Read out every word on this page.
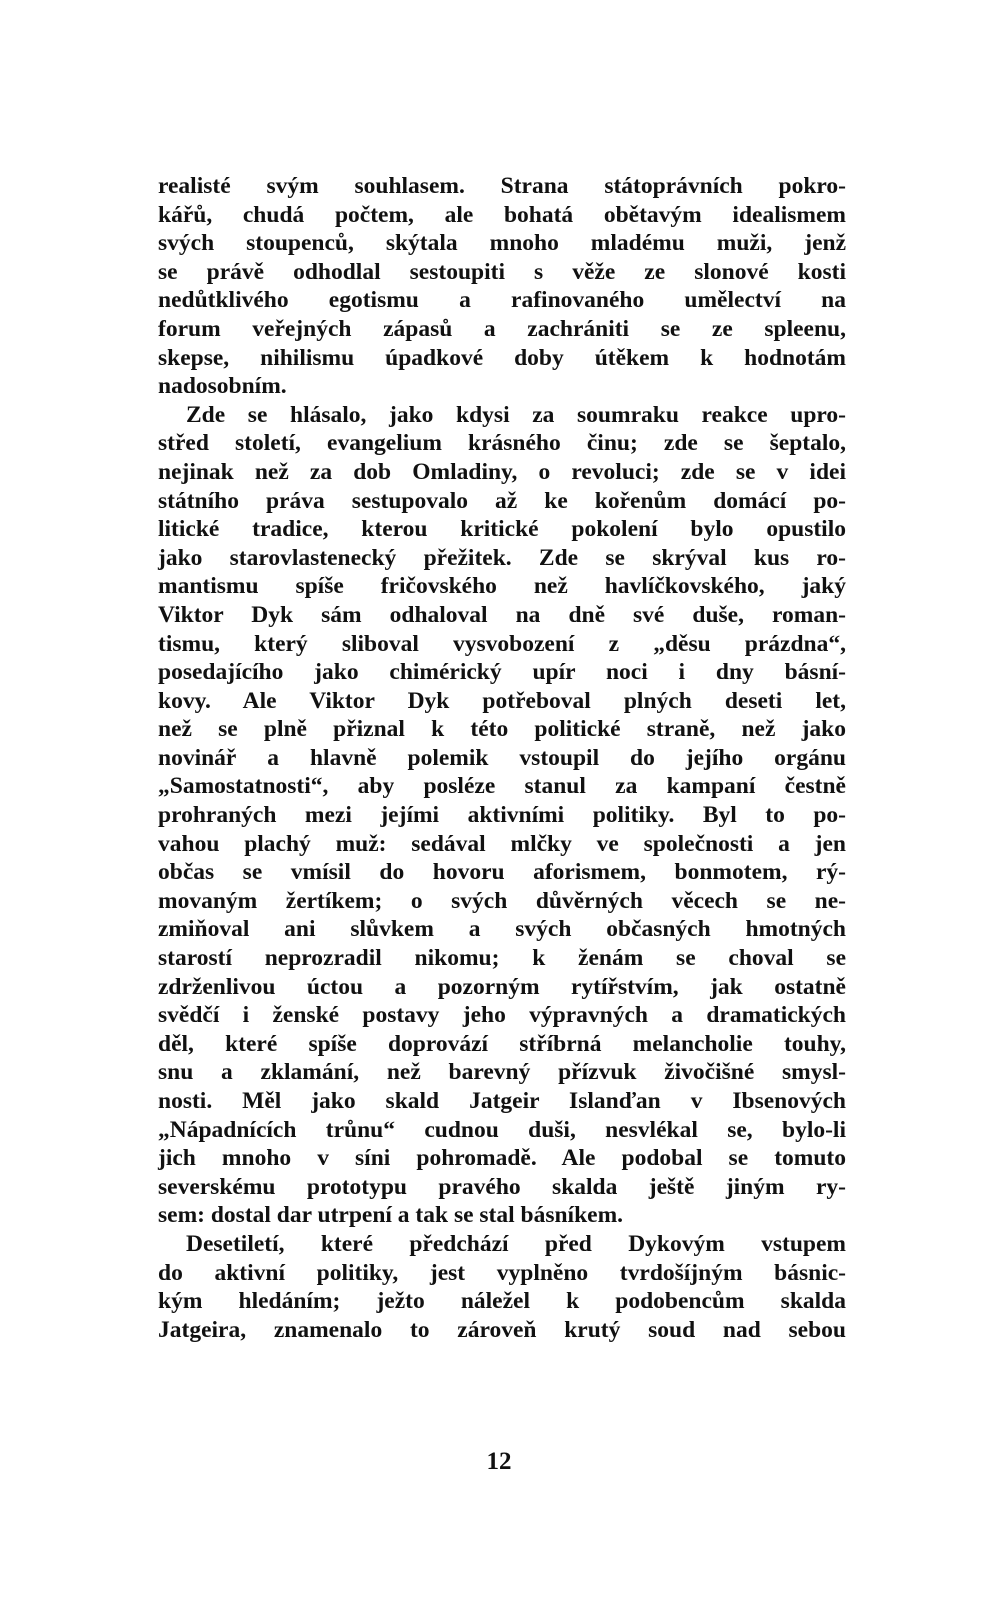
realisté svým souhlasem. Strana státoprávních pokro-
kářů, chudá počtem, ale bohatá obětavým idealismem
svých stoupenců, skýtala mnoho mladému muži, jenž
se právě odhodlal sestoupiti s věže ze slonové kosti
nedůtklivého egotismu a rafinovaného umělectví na
forum veřejných zápasů a zachrániti se ze spleenu,
skepse, nihilismu úpadkové doby útěkem k hodnotám
nadosobním.
Zde se hlásalo, jako kdysi za soumraku reakce upro-
střed století, evangelium krásného činu; zde se šeptalo,
nejinak než za dob Omladiny, o revoluci; zde se v idei
státního práva sestupovalo až ke kořenům domácí po-
litické tradice, kterou kritické pokolení bylo opustilo
jako starovlastenecký přežitek. Zde se skrýval kus ro-
mantismu spíše fričovského než havlíčkovského, jaký
Viktor Dyk sám odhaloval na dně své duše, roman-
tismu, který sliboval vysvobození z „děsu prázdna“,
posedajícího jako chimérický upír noci i dny básní-
kovy. Ale Viktor Dyk potřeboval plných deseti let,
než se plně přiznal k této politické straně, než jako
novinář a hlavně polemik vstoupil do jejího orgánu
„Samostatnosti“, aby posléze stanul za kampaní čestně
prohraných mezi jejími aktivními politiky. Byl to po-
vahou plachý muž: sedával mlčky ve společnosti a jen
občas se vmísil do hovoru aforismem, bonmotem, rý-
movaným žertíkem; o svých důvěrných věcech se ne-
zmiňoval ani slůvkem a svých občasných hmotných
starostí neprozradil nikomu; k ženám se choval se
zdrženlivou úctou a pozorným rytířstvím, jak ostatně
svědčí i ženské postavy jeho výpravných a dramatických
děl, které spíše doprovází stříbrná melancholie touhy,
snu a zklamání, než barevný přízvuk živočišné smysl-
nosti. Měl jako skald Jatgeir Islanďan v Ibsenových
„Nápadnících trůnu“ cudnou duši, nesvlékal se, bylo-li
jich mnoho v síni pohromadě. Ale podobal se tomuto
severskému prototypu pravého skalda ještě jiným ry-
sem: dostal dar utrpení a tak se stal básníkem.
Desetiletí, které předchází před Dykovým vstupem
do aktivní politiky, jest vyplněno tvrdošíjným básnic-
kým hledáním; ježto náležel k podobencům skalda
Jatgeira, znamenalo to zároveň krutý soud nad sebou
12
